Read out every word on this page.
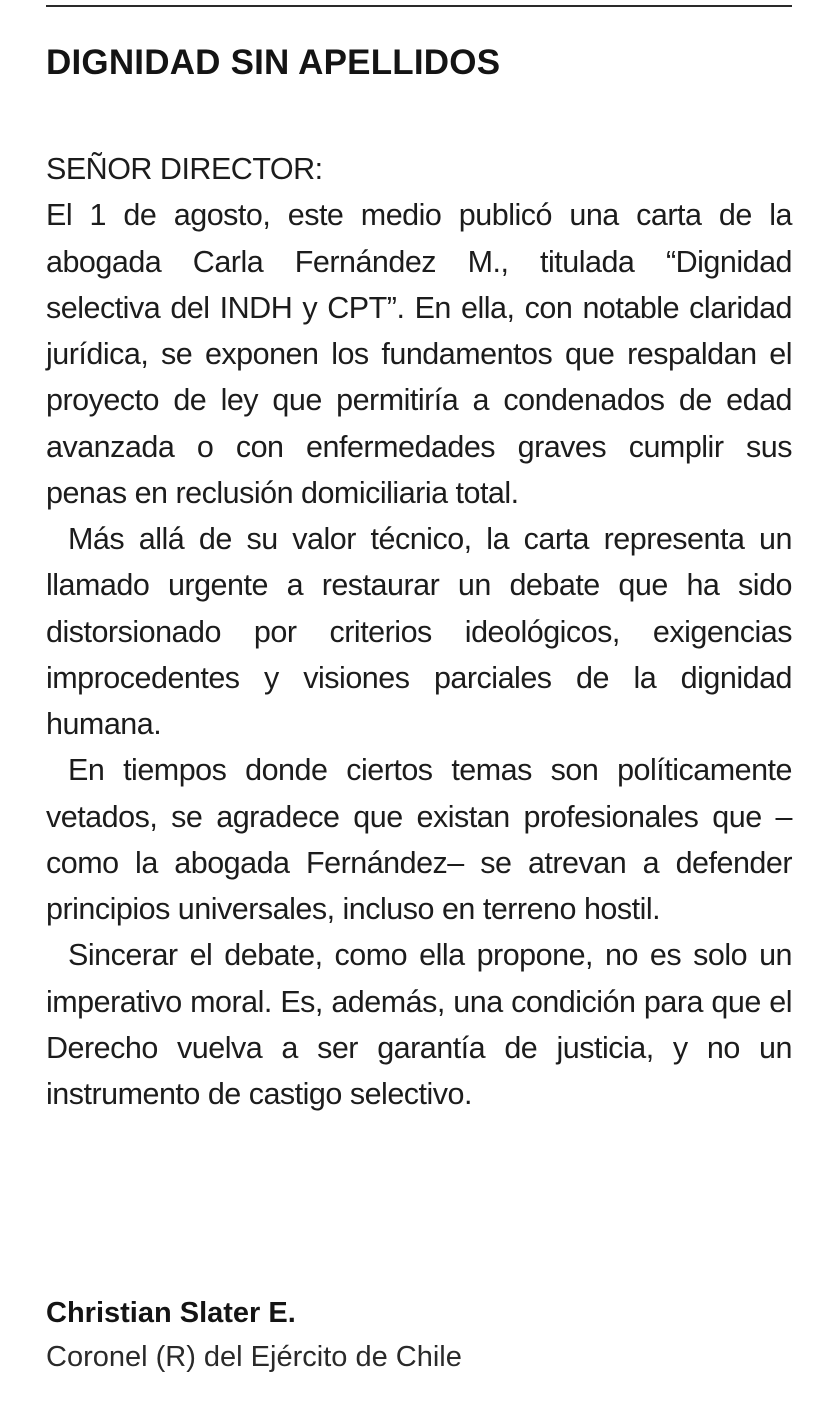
DIGNIDAD SIN APELLIDOS

SEÑOR DIRECTOR:

El 1 de agosto, este medio publicó una carta de la abogada Carla Fernández M., titulada “Dignidad selectiva del INDH y CPT”. En ella, con notable claridad jurídica, se exponen los fundamentos que respaldan el proyecto de ley que permitiría a condenados de edad avanzada o con enfermedades graves cumplir sus penas en reclusión domiciliaria total.

Más allá de su valor técnico, la carta representa un llamado urgente a restaurar un debate que ha sido distorsionado por criterios ideológicos, exigencias improcedentes y visiones parciales de la dignidad humana.

En tiempos donde ciertos temas son políticamente vetados, se agradece que existan profesionales que –como la abogada Fernández– se atrevan a defender principios universales, incluso en terreno hostil.

Sincerar el debate, como ella propone, no es solo un imperativo moral. Es, además, una condición para que el Derecho vuelva a ser garantía de justicia, y no un instrumento de castigo selectivo.

Christian Slater E.

Coronel (R) del Ejército de Chile
